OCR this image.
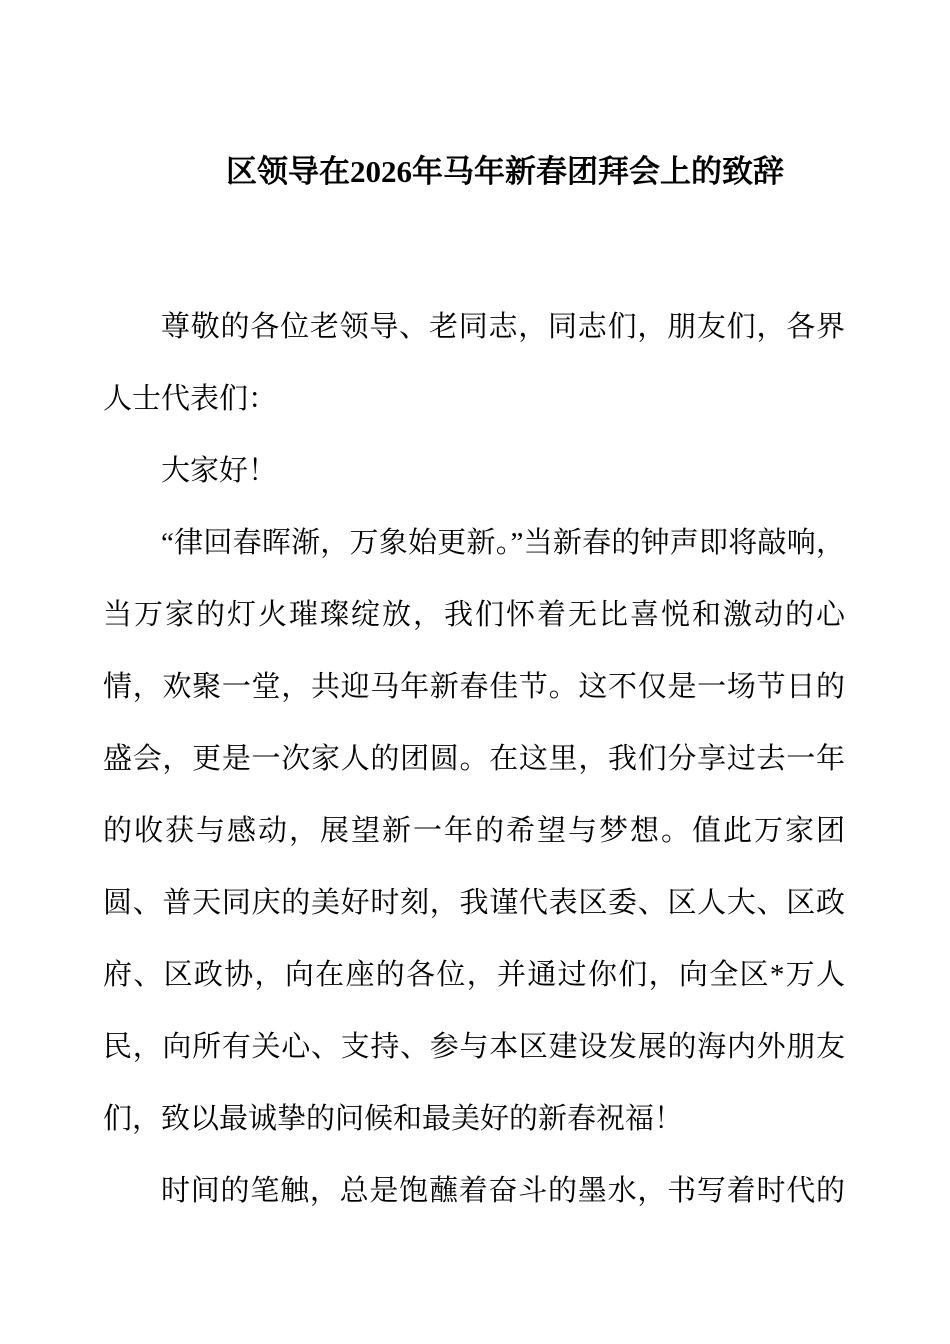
区领导在2026年马年新春团拜会上的致辞

尊敬的各位老领导、老同志，同志们，朋友们，各界人士代表们：

大家好！

“律回春晖渐，万象始更新。”当新春的钟声即将敲响，当万家的灯火璀璨绽放，我们怀着无比喜悦和激动的心情，欢聚一堂，共迎马年新春佳节。这不仅是一场节日的盛会，更是一次家人的团圆。在这里，我们分享过去一年的收获与感动，展望新一年的希望与梦想。值此万家团圆、普天同庆的美好时刻，我谨代表区委、区人大、区政府、区政协，向在座的各位，并通过你们，向全区*万人民，向所有关心、支持、参与本区建设发展的海内外朋友们，致以最诚挚的问候和最美好的新春祝福！

时间的笔触，总是饱蘸着奋斗的墨水，书写着时代的
